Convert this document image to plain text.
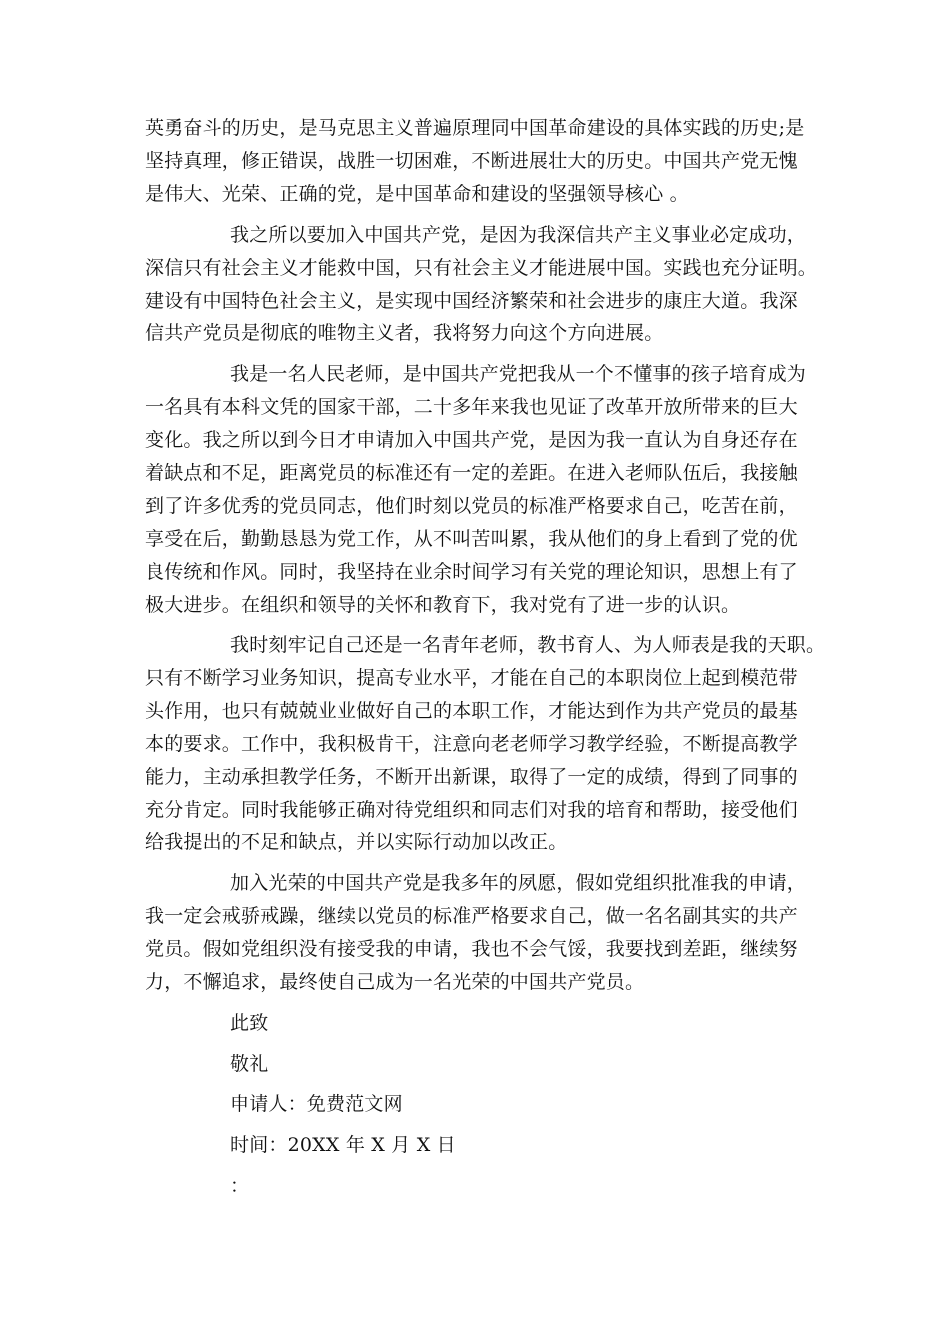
英勇奋斗的历史，是马克思主义普遍原理同中国革命建设的具体实践的历史;是
坚持真理，修正错误，战胜一切困难，不断进展壮大的历史。中国共产党无愧
是伟大、光荣、正确的党，是中国革命和建设的坚强领导核心 。
我之所以要加入中国共产党，是因为我深信共产主义事业必定成功，
深信只有社会主义才能救中国，只有社会主义才能进展中国。实践也充分证明。
建设有中国特色社会主义，是实现中国经济繁荣和社会进步的康庄大道。我深
信共产党员是彻底的唯物主义者，我将努力向这个方向进展。
我是一名人民老师，是中国共产党把我从一个不懂事的孩子培育成为
一名具有本科文凭的国家干部，二十多年来我也见证了改革开放所带来的巨大
变化。我之所以到今日才申请加入中国共产党，是因为我一直认为自身还存在
着缺点和不足，距离党员的标准还有一定的差距。在进入老师队伍后，我接触
到了许多优秀的党员同志，他们时刻以党员的标准严格要求自己，吃苦在前，
享受在后，勤勤恳恳为党工作，从不叫苦叫累，我从他们的身上看到了党的优
良传统和作风。同时，我坚持在业余时间学习有关党的理论知识，思想上有了
极大进步。在组织和领导的关怀和教育下，我对党有了进一步的认识。
我时刻牢记自己还是一名青年老师，教书育人、为人师表是我的天职。
只有不断学习业务知识，提高专业水平，才能在自己的本职岗位上起到模范带
头作用，也只有兢兢业业做好自己的本职工作，才能达到作为共产党员的最基
本的要求。工作中，我积极肯干，注意向老老师学习教学经验，不断提高教学
能力，主动承担教学任务，不断开出新课，取得了一定的成绩，得到了同事的
充分肯定。同时我能够正确对待党组织和同志们对我的培育和帮助，接受他们
给我提出的不足和缺点，并以实际行动加以改正。
加入光荣的中国共产党是我多年的夙愿，假如党组织批准我的申请，
我一定会戒骄戒躁，继续以党员的标准严格要求自己，做一名名副其实的共产
党员。假如党组织没有接受我的申请，我也不会气馁，我要找到差距，继续努
力，不懈追求，最终使自己成为一名光荣的中国共产党员。
此致
敬礼
申请人：免费范文网
时间：20XX 年 X 月 X 日
：
